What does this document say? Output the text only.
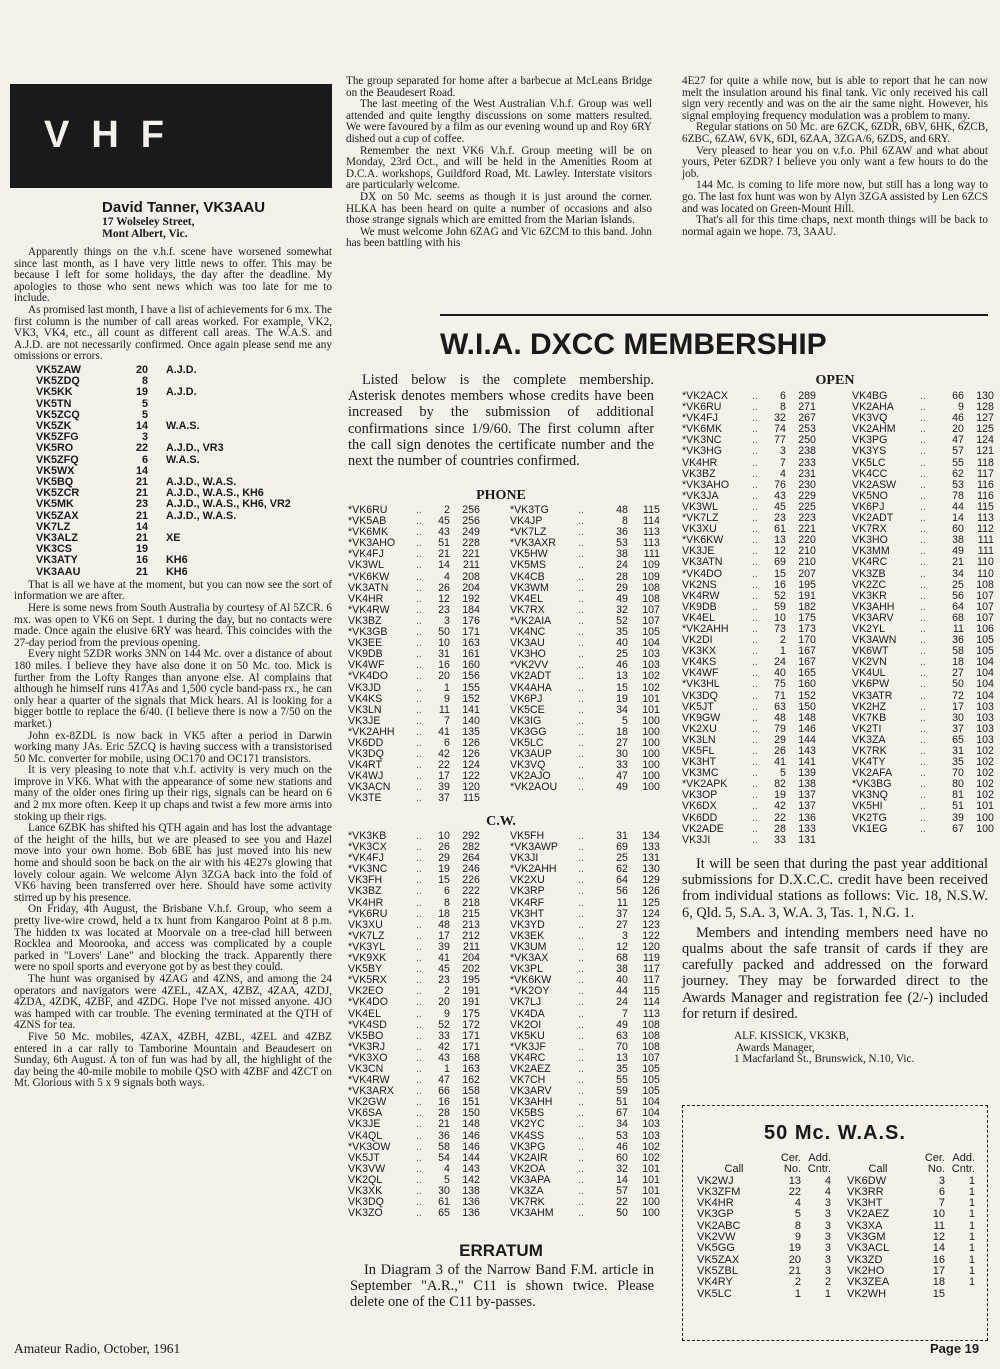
VHF
David Tanner, VK3AAU
17 Wolseley Street,
Mont Albert, Vic.

Apparently things on the v.h.f. scene have worsened somewhat since last month, as I have very little news to offer. This may be because I left for some holidays, the day after the deadline. My apologies to those who sent news which was too late for me to include.

As promised last month, I have a list of achievements for 6 mx. The first column is the number of call areas worked. For example, VK2, VK3, VK4, etc., all count as different call areas. The W.A.S. and A.J.D. are not necessarily confirmed. Once again please send me any omissions or errors.

VK5ZAW	20	A.J.D.
VK5ZDQ	8	
VK5KK	19	A.J.D.
VK5TN	5	
VK5ZCQ	5	
VK5ZK	14	W.A.S.
VK5ZFG	3	
VK5RO	22	A.J.D., VR3
VK5ZFQ	6	W.A.S.
VK5WX	14	
VK5BQ	21	A.J.D., W.A.S.
VK5ZCR	21	A.J.D., W.A.S., KH6
VK5MK	23	A.J.D., W.A.S., KH6, VR2
VK5ZAX	21	A.J.D., W.A.S.
VK7LZ	14	
VK3ALZ	21	XE
VK3CS	19	
VK3ATY	16	KH6
VK3AAU	21	KH6

That is all we have at the moment, but you can now see the sort of information we are after.

Here is some news from South Australia by courtesy of Al 5ZCR. 6 mx. was open to VK6 on Sept. 1 during the day, but no contacts were made. Once again the elusive 6RY was heard. This coincides with the 27-day period from the previous opening.

Every night 5ZDR works 3NN on 144 Mc. over a distance of about 180 miles. I believe they have also done it on 50 Mc. too. Mick is further from the Lofty Ranges than anyone else. Al complains that although he himself runs 417As and 1,500 cycle band-pass rx., he can only hear a quarter of the signals that Mick hears. Al is looking for a bigger bottle to replace the 6/40. (I believe there is now a 7/50 on the market.)

John ex-8ZDL is now back in VK5 after a period in Darwin working many JAs. Eric 5ZCQ is having success with a transistorised 50 Mc. converter for mobile, using OC170 and OC171 transistors.

It is very pleasing to note that v.h.f. activity is very much on the improve in VK6. What with the appearance of some new stations and many of the older ones firing up their rigs, signals can be heard on 6 and 2 mx more often. Keep it up chaps and twist a few more arms into stoking up their rigs.

Lance 6ZBK has shifted his QTH again and has lost the advantage of the height of the hills, but we are pleased to see you and Hazel move into your own home. Bob 6BE has just moved into his new home and should soon be back on the air with his 4E27s glowing that lovely colour again. We welcome Alyn 3ZGA back into the fold of VK6 having been transferred over here. Should have some activity stirred up by his presence.

On Friday, 4th August, the Brisbane V.h.f. Group, who seem a pretty live-wire crowd, held a tx hunt from Kangaroo Point at 8 p.m. The hidden tx was located at Moorvale on a tree-clad hill between Rocklea and Moorooka, and access was complicated by a couple parked in "Lovers' Lane" and blocking the track. Apparently there were no spoil sports and everyone got by as best they could.

The hunt was organised by 4ZAG and 4ZNS, and among the 24 operators and navigators were 4ZEL, 4ZAX, 4ZBZ, 4ZAA, 4ZDJ, 4ZDA, 4ZDK, 4ZBF, and 4ZDG. Hope I've not missed anyone. 4JO was hamped with car trouble. The evening terminated at the QTH of 4ZNS for tea.

Five 50 Mc. mobiles, 4ZAX, 4ZBH, 4ZBL, 4ZEL and 4ZBZ entered in a car rally to Tamborine Mountain and Beaudesert on Sunday, 6th August. A ton of fun was had by all, the highlight of the day being the 40-mile mobile to mobile QSO with 4ZBF and 4ZCT on Mt. Glorious with 5 x 9 signals both ways.

The group separated for home after a barbecue at McLeans Bridge on the Beaudesert Road.

The last meeting of the West Australian V.h.f. Group was well attended and quite lengthy discussions on some matters resulted. We were favoured by a film as our evening wound up and Roy 6RY dished out a cup of coffee.

Remember the next VK6 V.h.f. Group meeting will be on Monday, 23rd Oct., and will be held in the Amenities Room at D.C.A. workshops, Guildford Road, Mt. Lawley. Interstate visitors are particularly welcome.

DX on 50 Mc. seems as though it is just around the corner. HLKA has been heard on quite a number of occasions and also those strange signals which are emitted from the Marian Islands.

We must welcome John 6ZAG and Vic 6ZCM to this band. John has been battling with his

4E27 for quite a while now, but is able to report that he can now melt the insulation around his final tank. Vic only received his call sign very recently and was on the air the same night. However, his signal employing frequency modulation was a problem to many.

Regular stations on 50 Mc. are 6ZCK, 6ZDR, 6BV, 6HK, 6ZCB, 6ZBC, 6ZAW, 6VK, 6DI, 6ZAA, 3ZGA/6, 6ZDS, and 6RY.

Very pleased to hear you on v.f.o. Phil 6ZAW and what about yours, Peter 6ZDR? I believe you only want a few hours to do the job.

144 Mc. is coming to life more now, but still has a long way to go. The last fox hunt was won by Alyn 3ZGA assisted by Len 6ZCS and was located on Green-Mount Hill.

That's all for this time chaps, next month things will be back to normal again we hope. 73, 3AAU.

W.I.A. DXCC MEMBERSHIP

Listed below is the complete membership. Asterisk denotes members whose credits have been increased by the submission of additional confirmations since 1/9/60. The first column after the call sign denotes the certificate number and the next the number of countries confirmed.

PHONE
*VK6RU	..	2	256
*VK5AB	..	45	256
*VK6MK	..	43	249
*VK3AHO	..	51	228
*VK4FJ	..	21	221
VK3WL	..	14	211
*VK6KW	..	4	208
VK3ATN	..	26	204
VK4HR	..	12	192
*VK4RW	..	23	184
VK3BZ	..	3	176
*VK3GB	..	50	171
VK3EE	..	10	163
VK9DB	..	31	161
VK4WF	..	16	160
*VK4DO	..	20	156
VK3JD	..	1	155
VK4KS	..	9	152
VK3LN	..	11	141
VK3JE	..	7	140
*VK2AHH	..	41	135
VK6DD	..	6	126
VK3DQ	..	42	126
VK4RT	..	22	124
VK4WJ	..	17	122
VK3ACN	..	39	120
VK3TE	..	37	115
*VK3TG	..	48	115
VK4JP	..	8	114
*VK7LZ	..	36	113
*VK3AXR	..	53	113
VK5HW	..	38	111
VK5MS	..	24	109
VK4CB	..	28	109
VK3WM	..	29	108
VK4EL	..	49	108
VK7RX	..	32	107
*VK2AIA	..	52	107
VK4NC	..	35	105
VK3AU	..	40	104
VK3HO	..	25	103
*VK2VV	..	46	103
VK2ADT	..	13	102
VK4AHA	..	15	102
VK6PJ	..	19	101
VK5CE	..	34	101
VK3IG	..	5	100
VK3GG	..	18	100
VK5LC	..	27	100
VK3AUP	..	30	100
VK3VQ	..	33	100
VK2AJO	..	47	100
*VK2AOU	..	49	100
C.W.
*VK3KB	..	10	292
*VK3CX	..	26	282
*VK4FJ	..	29	264
*VK3NC	..	19	246
VK3FH	..	15	226
VK3BZ	..	6	222
VK4HR	..	8	218
*VK6RU	..	18	215
VK3XU	..	48	213
*VK7LZ	..	17	212
*VK3YL	..	39	211
*VK9XK	..	41	204
VK5BY	..	45	202
*VK5RX	..	23	195
VK2EO	..	2	191
*VK4DO	..	20	191
VK4EL	..	9	175
*VK4SD	..	52	172
VK5BO	..	33	171
*VK3RJ	..	42	171
*VK3XO	..	43	168
VK3CN	..	1	163
*VK4RW	..	47	162
*VK3ARX	..	66	158
VK2GW	..	16	151
VK6SA	..	28	150
VK3JE	..	21	148
VK4QL	..	36	146
*VK3OW	..	58	146
VK5JT	..	54	144
VK3VW	..	4	143
VK2QL	..	5	142
VK3XK	..	30	138
VK3DQ	..	61	136
VK3ZO	..	65	136
VK5FH	..	31	134
*VK3AWP	..	69	133
VK3JI	..	25	131
*VK2AHH	..	62	130
VK2XU	..	64	129
VK3RP	..	56	126
VK4RF	..	11	125
VK3HT	..	37	124
VK3YD	..	27	123
VK3EK	..	3	122
VK3UM	..	12	120
*VK3AX	..	68	119
VK3PL	..	38	117
*VK6KW	..	40	117
*VK2OY	..	44	115
VK7LJ	..	24	114
VK4DA	..	7	113
VK2OI	..	49	108
VK5KU	..	63	108
*VK3JF	..	70	108
VK4RC	..	13	107
VK2AEZ	..	35	105
VK7CH	..	55	105
VK3ARV	..	59	105
VK3AHH	..	51	104
VK5BS	..	67	104
VK2YC	..	34	103
VK4SS	..	53	103
VK3PG	..	46	102
VK2AIR	..	60	102
VK2OA	..	32	101
VK3APA	..	14	101
VK3ZA	..	57	101
VK7RK	..	22	100
VK3AHM	..	50	100
OPEN
*VK2ACX	..	6	289
*VK6RU	..	8	271
*VK4FJ	..	32	267
*VK6MK	..	74	253
*VK3NC	..	77	250
*VK3HG	..	3	238
VK4HR	..	7	233
VK3BZ	..	4	231
*VK3AHO	..	76	230
*VK3JA	..	43	229
VK3WL	..	45	225
*VK7LZ	..	23	223
VK3XU	..	61	221
*VK6KW	..	13	220
VK3JE	..	12	210
VK3ATN	..	69	210
*VK4DO	..	15	207
VK2NS	..	16	195
VK4RW	..	52	191
VK9DB	..	59	182
VK4EL	..	10	175
*VK2AHH	..	73	173
VK2DI	..	2	170
VK3KX	..	1	167
VK4KS	..	24	167
VK4WF	..	40	165
*VK3HL	..	75	160
VK3DQ	..	71	152
VK5JT	..	63	150
VK9GW	..	48	148
VK2XU	..	79	146
VK3LN	..	29	144
VK5FL	..	26	143
VK3HT	..	41	141
VK3MC	..	5	139
*VK2APK	..	82	138
VK3OP	..	19	137
VK6DX	..	42	137
VK6DD	..	22	136
VK2ADE	..	28	133
VK3JI	..	33	131
VK4BG	..	66	130
VK2AHA	..	9	128
VK3VQ	..	46	127
VK2AHM	..	20	125
VK3PG	..	47	124
VK3YS	..	57	121
VK5LC	..	55	118
VK4CC	..	62	117
VK2ASW	..	53	116
VK5NO	..	78	116
VK6PJ	..	44	115
VK2ADT	..	14	113
VK7RX	..	60	112
VK3HO	..	38	111
VK3MM	..	49	111
VK4RC	..	21	110
VK3ZB	..	34	110
VK2ZC	..	25	108
VK3KR	..	56	107
VK3AHH	..	64	107
VK3ARV	..	68	107
VK2YL	..	11	106
VK3AWN	..	36	105
VK6WT	..	58	105
VK2VN	..	18	104
VK4UL	..	27	104
VK6PW	..	50	104
VK3ATR	..	72	104
VK2HZ	..	17	103
VK7KB	..	30	103
VK2TI	..	37	103
VK3ZA	..	65	103
VK7RK	..	31	102
VK4TY	..	35	102
VK2AFA	..	70	102
*VK3BG	..	80	102
VK3NQ	..	81	102
VK5HI	..	51	101
VK2TG	..	39	100
VK1EG	..	67	100

It will be seen that during the past year additional submissions for D.X.C.C. credit have been received from individual stations as follows: Vic. 18, N.S.W. 6, Qld. 5, S.A. 3, W.A. 3, Tas. 1, N.G. 1.

Members and intending members need have no qualms about the safe transit of cards if they are carefully packed and addressed on the forward journey. They may be forwarded direct to the Awards Manager and registration fee (2/-) included for return if desired.

ALF. KISSICK, VK3KB,
Awards Manager,
1 Macfarland St., Brunswick, N.10, Vic.
ERRATUM

In Diagram 3 of the Narrow Band F.M. article in September "A.R.," C11 is shown twice. Please delete one of the C11 by-passes.

50 Mc. W.A.S.
	Cer.	Add.		Cer.	Add.
Call	No.	Cntr.	Call	No.	Cntr.
VK2WJ	13	4	VK6DW	3	1
VK3ZFM	22	4	VK3RR	6	1
VK4HR	4	3	VK3HT	7	1
VK3GP	5	3	VK2AEZ	10	1
VK2ABC	8	3	VK3XA	11	1
VK2VW	9	3	VK3GM	12	1
VK5GG	19	3	VK3ACL	14	1
VK5ZAX	20	3	VK3ZD	16	1
VK5ZBL	21	3	VK2HO	17	1
VK4RY	2	2	VK3ZEA	18	1
VK5LC	1	1	VK2WH	15	
Amateur Radio, October, 1961	Page 19
